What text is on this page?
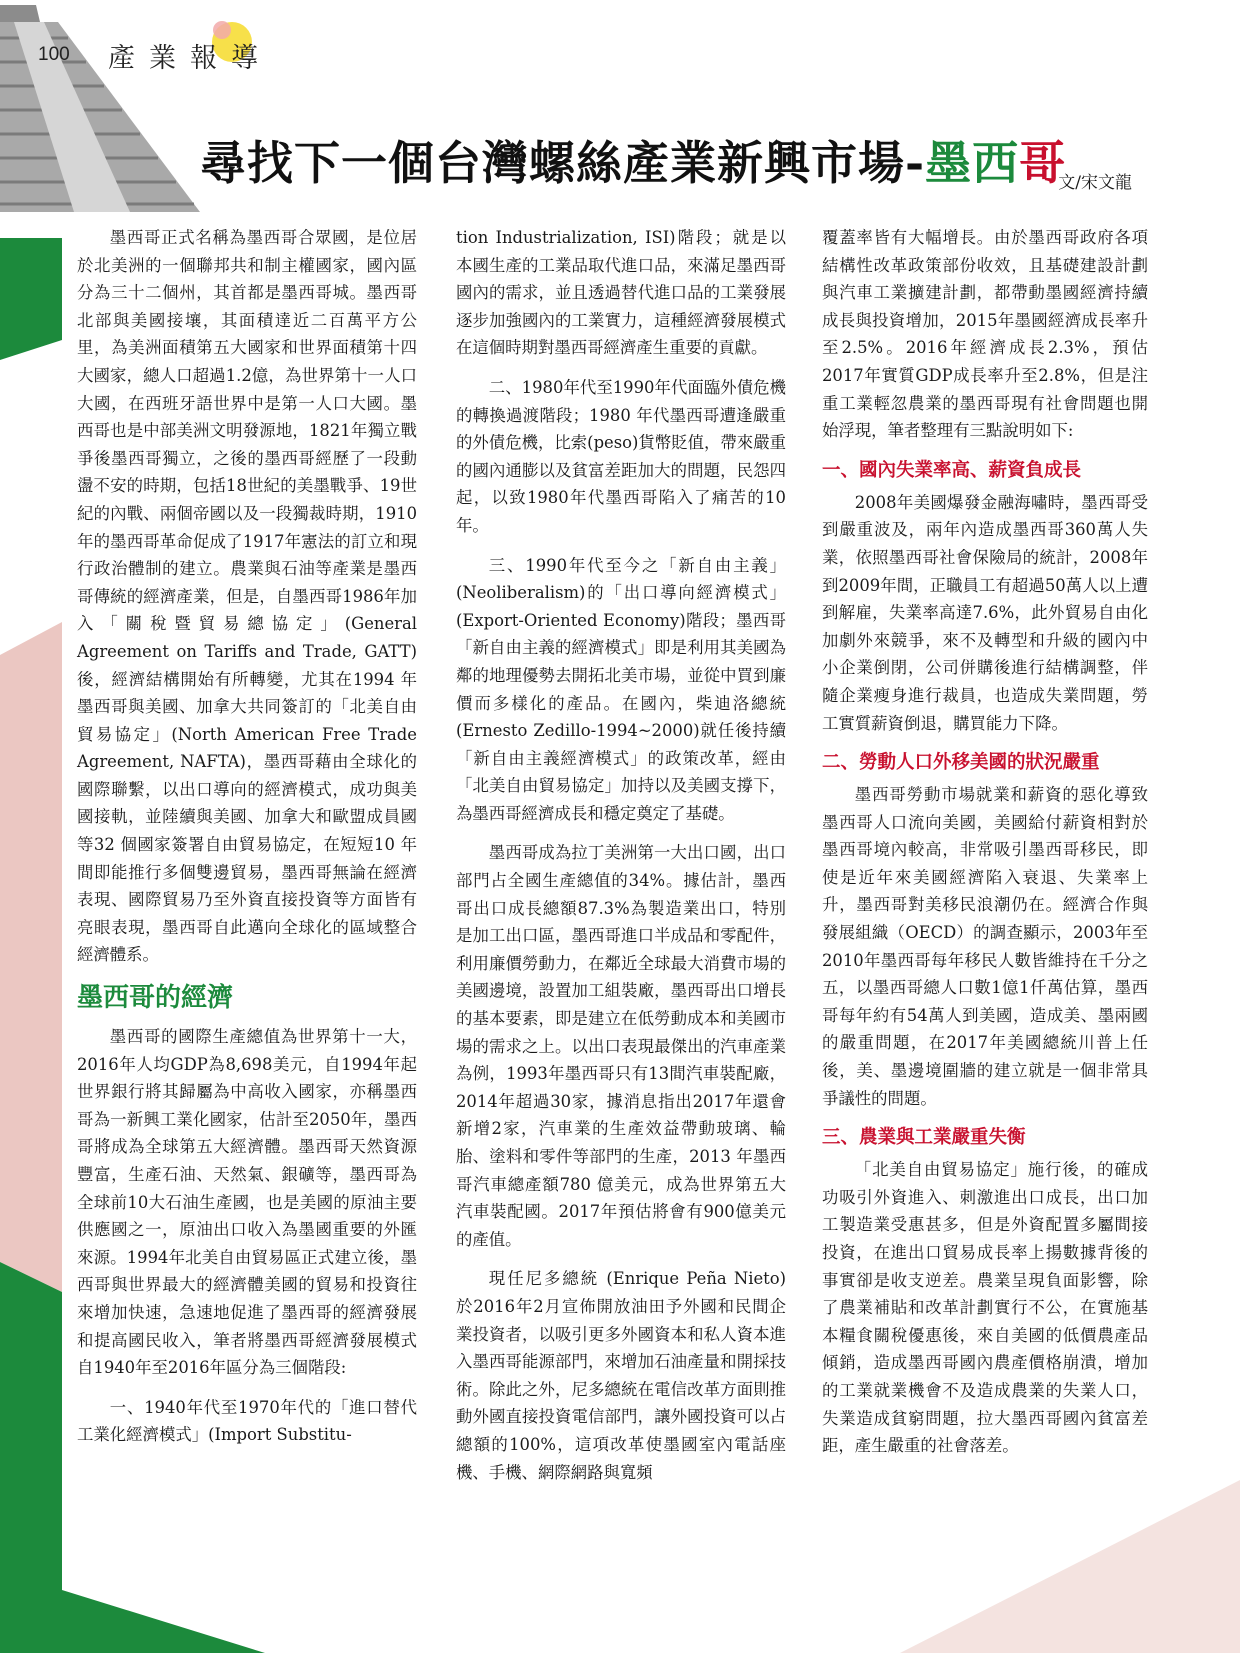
100 產業報導
尋找下一個台灣螺絲產業新興市場-墨西哥
文/宋文龍

墨西哥正式名稱為墨西哥合眾國，是位居於北美洲的一個聯邦共和制主權國家，國內區分為三十二個州，其首都是墨西哥城。墨西哥北部與美國接壤，其面積達近二百萬平方公里，為美洲面積第五大國家和世界面積第十四大國家，總人口超過1.2億，為世界第十一人口大國，在西班牙語世界中是第一人口大國。墨西哥也是中部美洲文明發源地，1821年獨立戰爭後墨西哥獨立，之後的墨西哥經歷了一段動盪不安的時期，包括18世紀的美墨戰爭、19世紀的內戰、兩個帝國以及一段獨裁時期，1910年的墨西哥革命促成了1917年憲法的訂立和現行政治體制的建立。農業與石油等產業是墨西哥傳統的經濟產業，但是，自墨西哥1986年加入「關稅暨貿易總協定」(General Agreement on Tariffs and Trade, GATT)後，經濟結構開始有所轉變，尤其在1994 年墨西哥與美國、加拿大共同簽訂的「北美自由貿易協定」(North American Free Trade Agreement, NAFTA)，墨西哥藉由全球化的國際聯繫，以出口導向的經濟模式，成功與美國接軌，並陸續與美國、加拿大和歐盟成員國等32 個國家簽署自由貿易協定，在短短10 年間即能推行多個雙邊貿易，墨西哥無論在經濟表現、國際貿易乃至外資直接投資等方面皆有亮眼表現，墨西哥自此邁向全球化的區域整合經濟體系。

墨西哥的經濟

墨西哥的國際生產總值為世界第十一大，2016年人均GDP為8,698美元，自1994年起世界銀行將其歸屬為中高收入國家，亦稱墨西哥為一新興工業化國家，估計至2050年，墨西哥將成為全球第五大經濟體。墨西哥天然資源豐富，生產石油、天然氣、銀礦等，墨西哥為全球前10大石油生產國，也是美國的原油主要供應國之一，原油出口收入為墨國重要的外匯來源。1994年北美自由貿易區正式建立後，墨西哥與世界最大的經濟體美國的貿易和投資往來增加快速，急速地促進了墨西哥的經濟發展和提高國民收入，筆者將墨西哥經濟發展模式自1940年至2016年區分為三個階段:

一、1940年代至1970年代的「進口替代工業化經濟模式」(Import Substitu-

tion Industrialization, ISI)階段；就是以本國生產的工業品取代進口品，來滿足墨西哥國內的需求，並且透過替代進口品的工業發展逐步加強國內的工業實力，這種經濟發展模式在這個時期對墨西哥經濟產生重要的貢獻。

二、1980年代至1990年代面臨外債危機的轉換過渡階段；1980 年代墨西哥遭逢嚴重的外債危機，比索(peso)貨幣貶值，帶來嚴重的國內通膨以及貧富差距加大的問題，民怨四起，以致1980年代墨西哥陷入了痛苦的10年。

三、1990年代至今之「新自由主義」(Neoliberalism)的「出口導向經濟模式」(Export-Oriented Economy)階段；墨西哥「新自由主義的經濟模式」即是利用其美國為鄰的地理優勢去開拓北美市場，並從中買到廉價而多樣化的產品。在國內，柴迪洛總統(Ernesto Zedillo-1994~2000)就任後持續「新自由主義經濟模式」的政策改革，經由「北美自由貿易協定」加持以及美國支撐下，為墨西哥經濟成長和穩定奠定了基礎。

墨西哥成為拉丁美洲第一大出口國，出口部門占全國生產總值的34%。據估計，墨西哥出口成長總額87.3%為製造業出口，特別是加工出口區，墨西哥進口半成品和零配件，利用廉價勞動力，在鄰近全球最大消費市場的美國邊境，設置加工組裝廠，墨西哥出口增長的基本要素，即是建立在低勞動成本和美國市場的需求之上。以出口表現最傑出的汽車產業為例，1993年墨西哥只有13間汽車裝配廠，2014年超過30家，據消息指出2017年還會新增2家，汽車業的生產效益帶動玻璃、輪胎、塗料和零件等部門的生產，2013 年墨西哥汽車總產額780 億美元，成為世界第五大汽車裝配國。2017年預估將會有900億美元的產值。

現任尼多總統 (Enrique Peña Nieto) 於2016年2月宣佈開放油田予外國和民間企業投資者，以吸引更多外國資本和私人資本進入墨西哥能源部門，來增加石油產量和開採技術。除此之外，尼多總統在電信改革方面則推動外國直接投資電信部門，讓外國投資可以占總額的100%，這項改革使墨國室內電話座機、手機、網際網路與寬頻

覆蓋率皆有大幅增長。由於墨西哥政府各項結構性改革政策部份收效，且基礎建設計劃與汽車工業擴建計劃，都帶動墨國經濟持續成長與投資增加，2015年墨國經濟成長率升至2.5%。2016年經濟成長2.3%，預估2017年實質GDP成長率升至2.8%，但是注重工業輕忽農業的墨西哥現有社會問題也開始浮現，筆者整理有三點說明如下:

一、國內失業率高、薪資負成長

2008年美國爆發金融海嘯時，墨西哥受到嚴重波及，兩年內造成墨西哥360萬人失業，依照墨西哥社會保險局的統計，2008年到2009年間，正職員工有超過50萬人以上遭到解雇，失業率高達7.6%，此外貿易自由化加劇外來競爭，來不及轉型和升級的國內中小企業倒閉，公司併購後進行結構調整，伴隨企業瘦身進行裁員，也造成失業問題，勞工實質薪資倒退，購買能力下降。

二、勞動人口外移美國的狀況嚴重

墨西哥勞動市場就業和薪資的惡化導致墨西哥人口流向美國，美國給付薪資相對於墨西哥境內較高，非常吸引墨西哥移民，即使是近年來美國經濟陷入衰退、失業率上升，墨西哥對美移民浪潮仍在。經濟合作與發展組織（OECD）的調查顯示，2003年至2010年墨西哥每年移民人數皆維持在千分之五，以墨西哥總人口數1億1仟萬估算，墨西哥每年約有54萬人到美國，造成美、墨兩國的嚴重問題，在2017年美國總統川普上任後，美、墨邊境圍牆的建立就是一個非常具爭議性的問題。

三、農業與工業嚴重失衡

「北美自由貿易協定」施行後，的確成功吸引外資進入、刺激進出口成長，出口加工製造業受惠甚多，但是外資配置多屬間接投資，在進出口貿易成長率上揚數據背後的事實卻是收支逆差。農業呈現負面影響，除了農業補貼和改革計劃實行不公，在實施基本糧食關稅優惠後，來自美國的低價農產品傾銷，造成墨西哥國內農產價格崩潰，增加的工業就業機會不及造成農業的失業人口，失業造成貧窮問題，拉大墨西哥國內貧富差距，產生嚴重的社會落差。
